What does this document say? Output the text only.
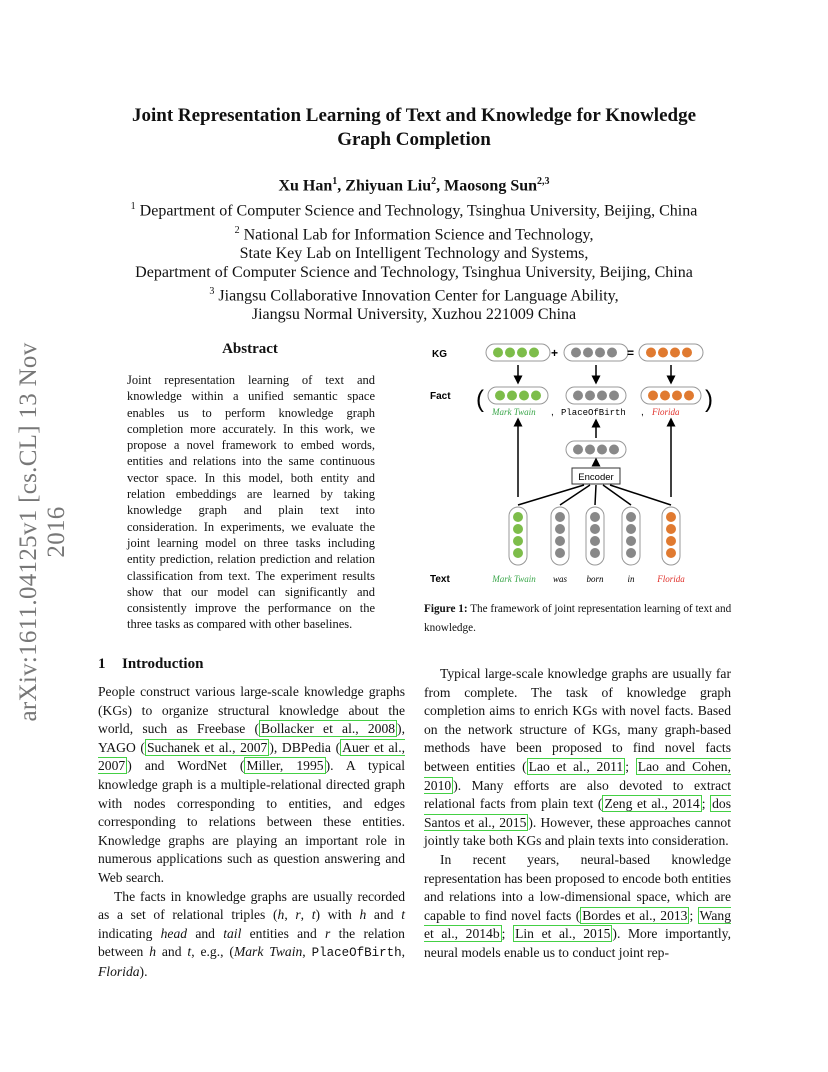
arXiv:1611.04125v1 [cs.CL] 13 Nov 2016
Joint Representation Learning of Text and Knowledge for Knowledge
Graph Completion
Xu Han$^1$, Zhiyuan Liu$^2$, Maosong Sun$^{2,3}$
$^1$ Department of Computer Science and Technology, Tsinghua University, Beijing, China
$^2$ National Lab for Information Science and Technology,
State Key Lab on Intelligent Technology and Systems,
Department of Computer Science and Technology, Tsinghua University, Beijing, China
$^3$ Jiangsu Collaborative Innovation Center for Language Ability,
Jiangsu Normal University, Xuzhou 221009 China
Abstract
Joint representation learning of text and knowledge within a unified semantic space enables us to perform knowledge graph completion more accurately. In this work, we propose a novel framework to embed words, entities and relations into the same continuous vector space. In this model, both entity and relation embeddings are learned by taking knowledge graph and plain text into consideration. In experiments, we evaluate the joint learning model on three tasks including entity prediction, relation prediction and relation classification from text. The experiment results show that our model can significantly and consistently improve the performance on the three tasks as compared with other baselines.
KG
Fact
Text
+	=
(	)
Mark Twain , PlaceOfBirth , Florida
Encoder
Mark Twain was born	in	Florida
Figure 1: The framework of joint representation learning of text and knowledge.
1 Introduction

People construct various large-scale knowledge graphs (KGs) to organize structural knowledge about the world, such as Freebase ( Bollacker et al., 2008 ), YAGO ( Suchanek et al., 2007 ), DBPedia ( Auer et al., 2007 ) and WordNet ( Miller, 1995 ). A typical knowledge graph is a multiple-relational directed graph with nodes corresponding to entities, and edges corresponding to relations between these entities. Knowledge graphs are playing an important role in numerous applications such as question answering and Web search.

The facts in knowledge graphs are usually recorded as a set of relational triples (h, r, t) with h and t indicating head and tail entities and r the relation between h and t, e.g., (Mark Twain, PlaceOfBirth, Florida).

Typical large-scale knowledge graphs are usually far from complete. The task of knowledge graph completion aims to enrich KGs with novel facts. Based on the network structure of KGs, many graph-based methods have been proposed to find novel facts between entities ( Lao et al., 2011 ; Lao and Cohen, 2010 ). Many efforts are also devoted to extract relational facts from plain text ( Zeng et al., 2014 ; dos Santos et al., 2015 ). However, these approaches cannot jointly take both KGs and plain texts into consideration.

In recent years, neural-based knowledge representation has been proposed to encode both entities and relations into a low-dimensional space, which are capable to find novel facts ( Bordes et al., 2013 ; Wang et al., 2014b ; Lin et al., 2015 ). More importantly, neural models enable us to conduct joint rep-
